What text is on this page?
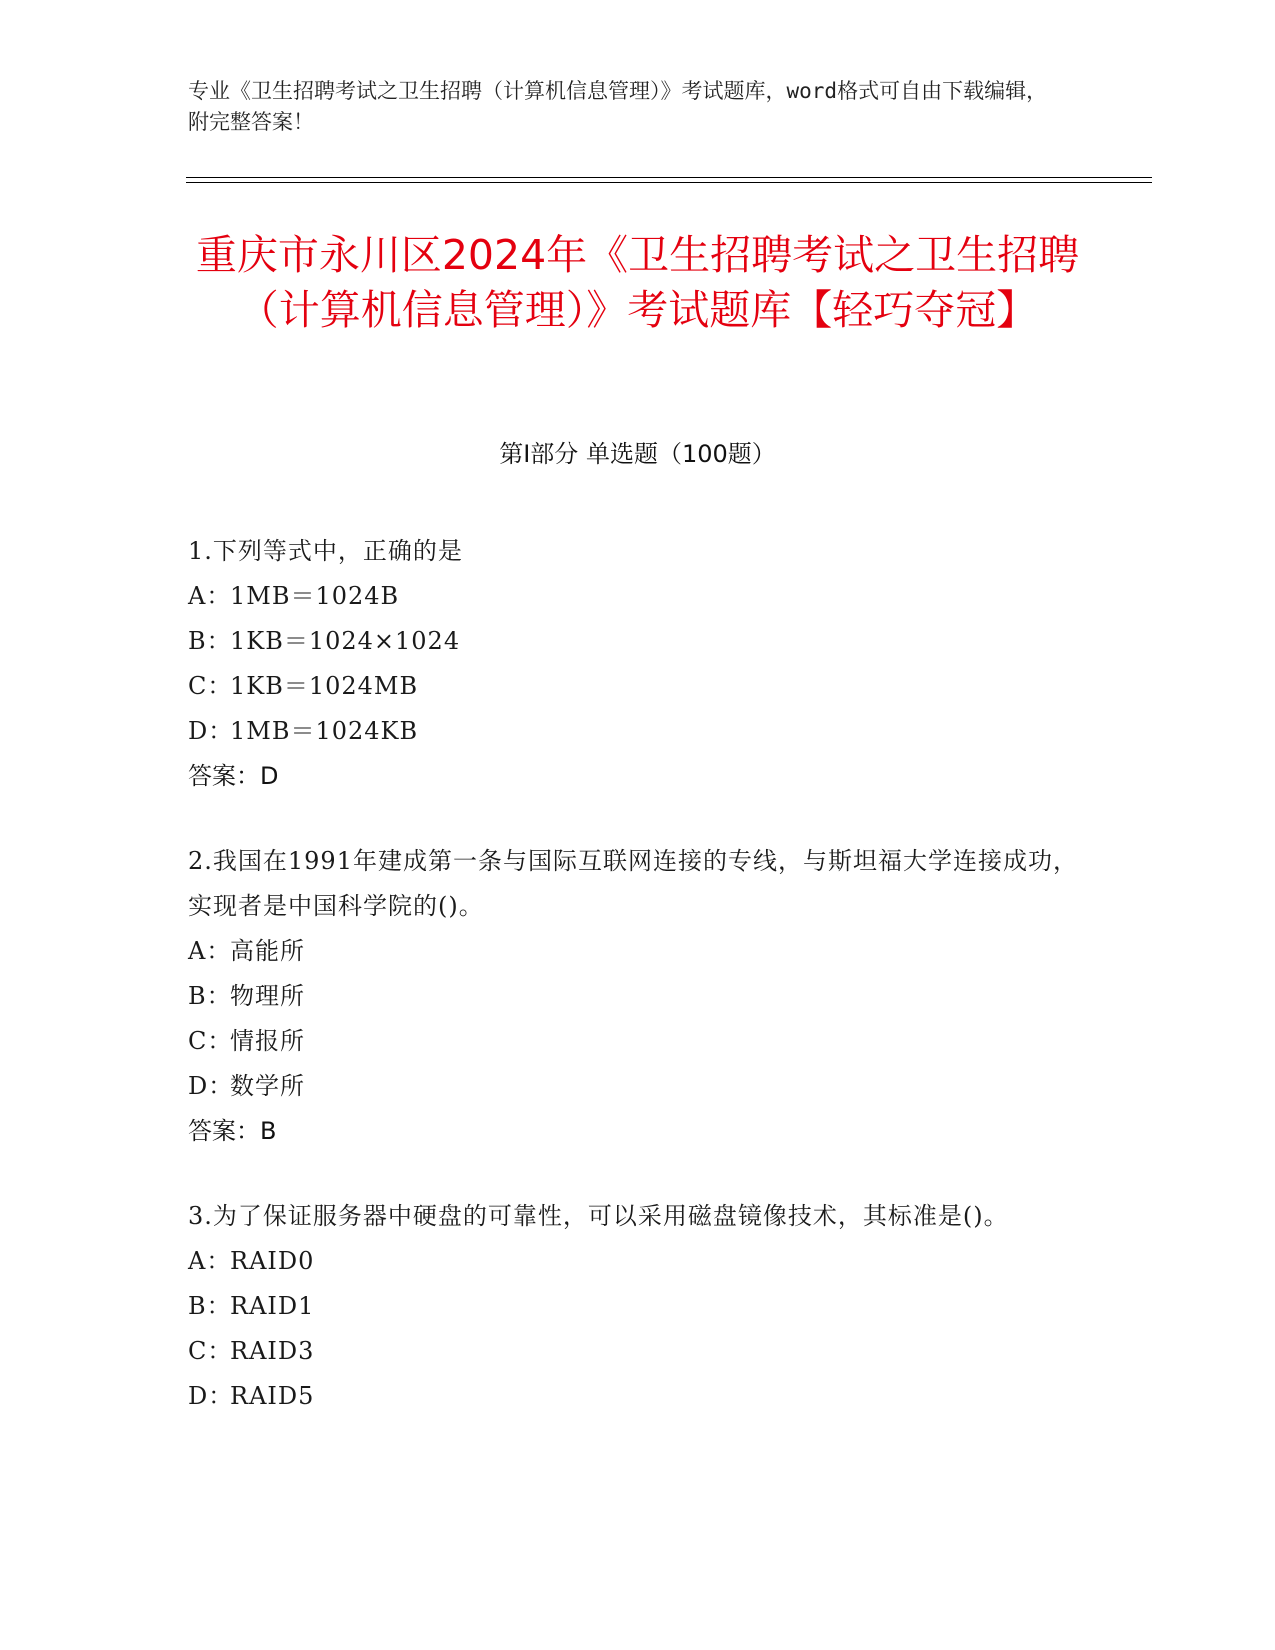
专业《卫生招聘考试之卫生招聘（计算机信息管理）》考试题库，word格式可自由下载编辑，附完整答案！
重庆市永川区2024年《卫生招聘考试之卫生招聘（计算机信息管理）》考试题库【轻巧夺冠】
第I部分 单选题（100题）
1.下列等式中，正确的是
A：1MB＝1024B
B：1KB＝1024×1024
C：1KB＝1024MB
D：1MB＝1024KB
答案：D
2.我国在1991年建成第一条与国际互联网连接的专线，与斯坦福大学连接成功，实现者是中国科学院的()。
A：高能所
B：物理所
C：情报所
D：数学所
答案：B
3.为了保证服务器中硬盘的可靠性，可以采用磁盘镜像技术，其标准是()。
A：RAID0
B：RAID1
C：RAID3
D：RAID5
